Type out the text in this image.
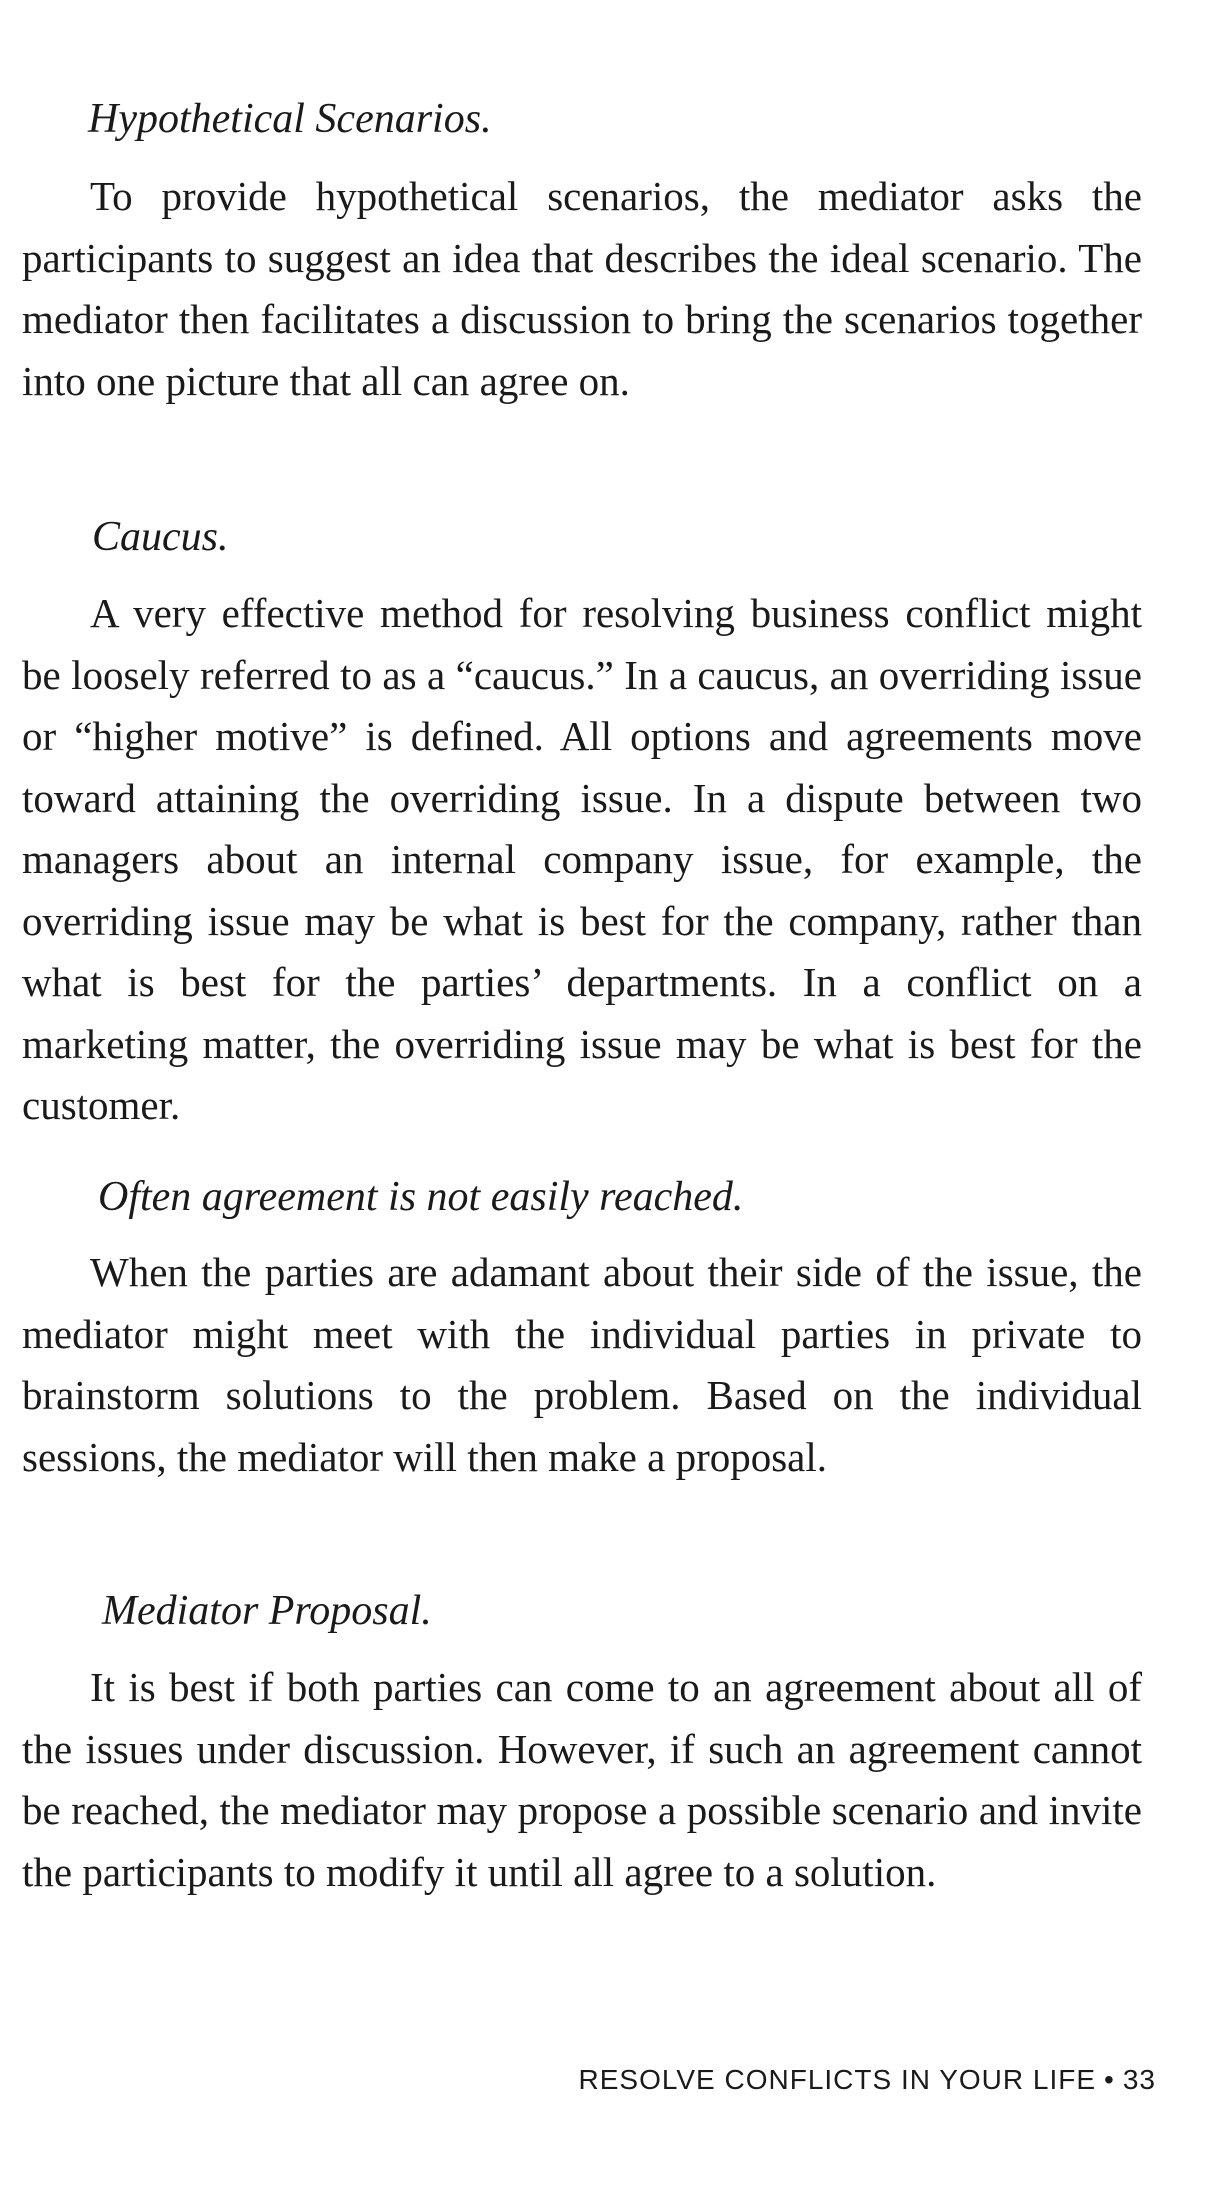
Hypothetical Scenarios.

To provide hypothetical scenarios, the mediator asks the participants to suggest an idea that describes the ideal scenario. The mediator then facilitates a discussion to bring the scenarios together into one picture that all can agree on.

Caucus.

A very effective method for resolving business conflict might be loosely referred to as a “caucus.” In a caucus, an overriding issue or “higher motive” is defined. All options and agreements move toward attaining the overriding issue. In a dispute between two managers about an internal company issue, for example, the overriding issue may be what is best for the company, rather than what is best for the parties’ departments. In a conflict on a marketing matter, the overriding issue may be what is best for the customer.

Often agreement is not easily reached.

When the parties are adamant about their side of the issue, the mediator might meet with the individual parties in private to brainstorm solutions to the problem. Based on the individual sessions, the mediator will then make a proposal.

Mediator Proposal.

It is best if both parties can come to an agreement about all of the issues under discussion. However, if such an agreement cannot be reached, the mediator may propose a possible scenario and invite the participants to modify it until all agree to a solution.

RESOLVE CONFLICTS IN YOUR LIFE • 33
